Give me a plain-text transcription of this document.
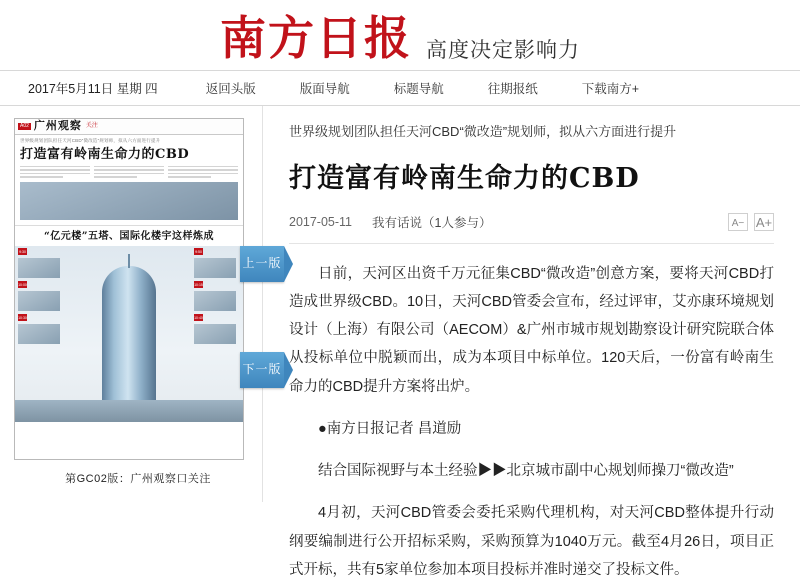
南方日报 高度决定影响力
2017年5月11日 星期 四	返回头版	版面导航	标题导航	往期报纸	下载南方+
A02 广州观察 关注
世界级规划团队担任天河CBD“微改造”规划师，拟从六方面进行提升
打造富有岭南生命力的CBD
“亿元楼”五塔、国际化楼宇这样炼成
9:30
10:00
10:30
9:50
10:15
10:40
第GC02版：广州观察口关注
上一版
下一版
世界级规划团队担任天河CBD“微改造”规划师，拟从六方面进行提升
打造富有岭南生命力的CBD
2017-05-11 我有话说（1人参与）	A− A+

日前，天河区出资千万元征集CBD“微改造”创意方案，要将天河CBD打造成世界级CBD。10日，天河CBD管委会宣布，经过评审，艾亦康环境规划设计（上海）有限公司（AECOM）&广州市城市规划勘察设计研究院联合体从投标单位中脱颖而出，成为本项目中标单位。120天后，一份富有岭南生命力的CBD提升方案将出炉。

●南方日报记者 昌道励

结合国际视野与本土经验▶▶北京城市副中心规划师操刀“微改造”

4月初，天河CBD管委会委托采购代理机构，对天河CBD整体提升行动纲要编制进行公开招标采购，采购预算为1040万元。截至4月26日，项目正式开标，共有5家单位参加本项目投标并准时递交了投标文件。
